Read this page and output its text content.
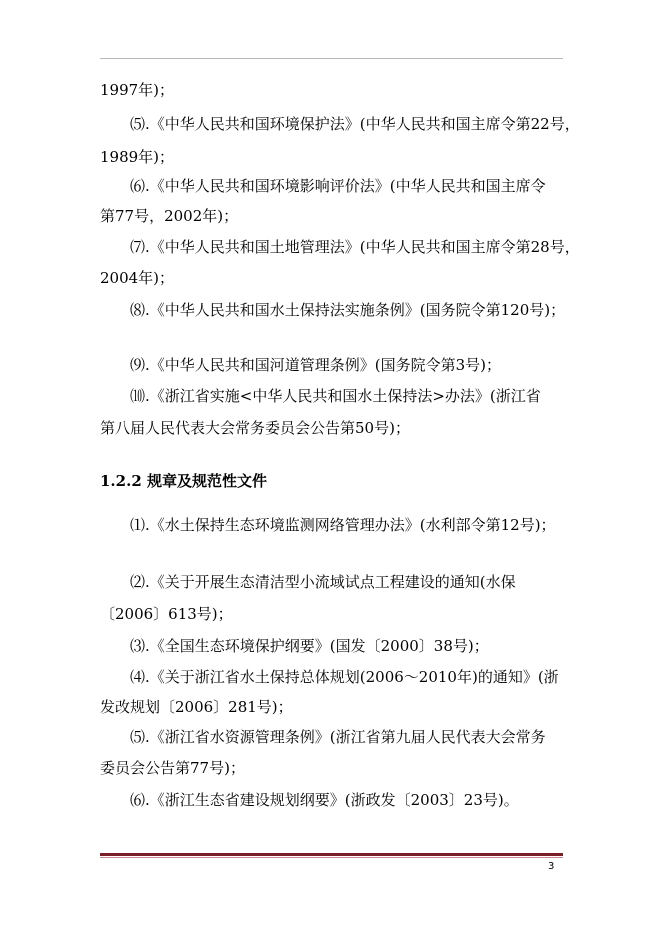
1997年)；
⑸.《中华人民共和国环境保护法》(中华人民共和国主席令第22号，
1989年)；
⑹.《中华人民共和国环境影响评价法》(中华人民共和国主席令
第77号，2002年)；
⑺.《中华人民共和国土地管理法》(中华人民共和国主席令第28号，
2004年)；
⑻.《中华人民共和国水土保持法实施条例》(国务院令第120号)；
⑼.《中华人民共和国河道管理条例》(国务院令第3号)；
⑽.《浙江省实施<中华人民共和国水土保持法>办法》(浙江省
第八届人民代表大会常务委员会公告第50号)；
1.2.2 规章及规范性文件
⑴.《水土保持生态环境监测网络管理办法》(水利部令第12号)；
⑵.《关于开展生态清洁型小流域试点工程建设的通知(水保
〔2006〕613号)；
⑶.《全国生态环境保护纲要》(国发〔2000〕38号)；
⑷.《关于浙江省水土保持总体规划(2006～2010年)的通知》(浙
发改规划〔2006〕281号)；
⑸.《浙江省水资源管理条例》(浙江省第九届人民代表大会常务
委员会公告第77号)；
⑹.《浙江生态省建设规划纲要》(浙政发〔2003〕23号)。
3
